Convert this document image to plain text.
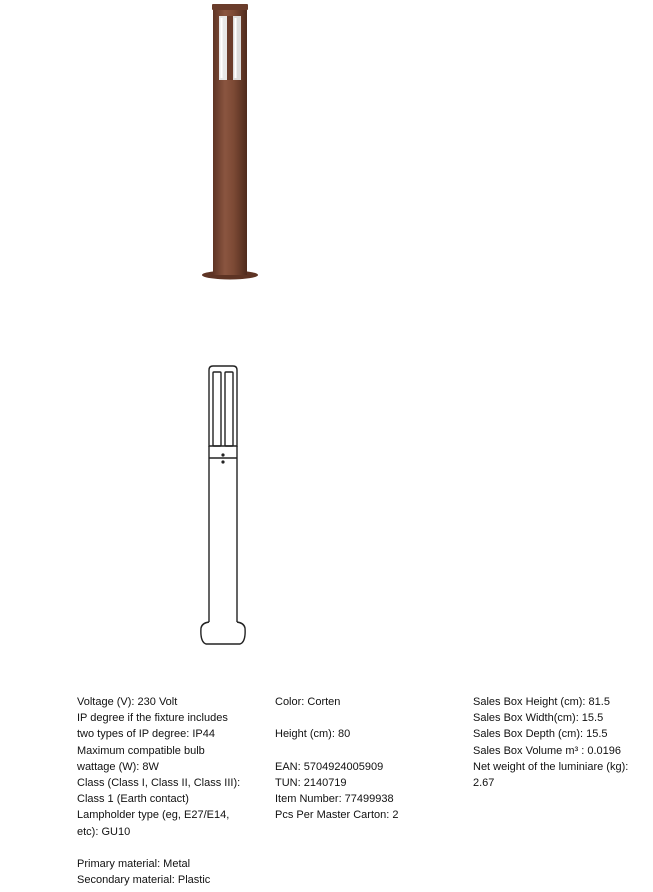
Voltage (V): 230 Volt
IP degree if the fixture includes
two types of IP degree: IP44
Maximum compatible bulb
wattage (W): 8W
Class (Class I, Class II, Class III):
Class 1 (Earth contact)
Lampholder type (eg, E27/E14,
etc): GU10
Primary material: Metal
Secondary material: Plastic
Color: Corten
Height (cm): 80
EAN: 5704924005909
TUN: 2140719
Item Number: 77499938
Pcs Per Master Carton: 2
Sales Box Height (cm): 81.5
Sales Box Width(cm): 15.5
Sales Box Depth (cm): 15.5
Sales Box Volume m³ : 0.0196
Net weight of the luminiare (kg):
2.67
